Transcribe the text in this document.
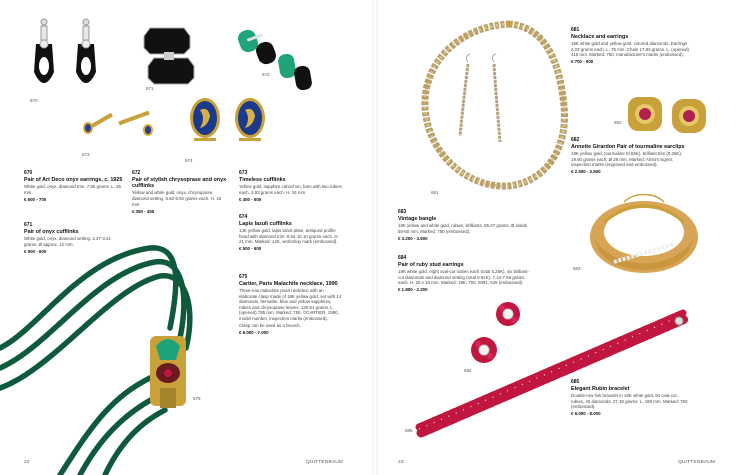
670
671
672
673
674
675
670
Pair of Art Deco onyx earrings, c. 1925
White gold, onyx, diamond trim. 7.56 grams. L. 36 mm.
€ 600 - 700
671
Pair of onyx cufflinks
White gold, onyx, diamond setting. 2.37-3.41 grams. Ø approx. 12 mm.
€ 500 - 600
672
Pair of stylish chrysoprase and onyx cufflinks
Yellow and white gold, onyx, chrysoprase, diamond setting. 5.62-6.92 grams each. H. 16 mm.
€ 350 - 450
673
Timeless cufflinks
Yellow gold, sapphire cabochon, bars with two rubies each. 3.93 grams each. H. 16 mm.
€ 400 - 500
674
Lapis lazuli cufflinks
14K yellow gold, lapis lazuli plate, antiqued profile head with diamond trim. 9.52-10.10 grams each. H. 21 mm. Marked: 14K, workshop mark (embossed).
€ 500 - 600
675
Cartier, Paris Malachite necklace, 1990
Three-row malachite pearl necklace with an elaborate clasp made of 18K yellow gold, set with 14 diamonds, hematite, blue and yellow sapphires, rubies and chrysoprase leaves. 130.51 grams. L. (opened) 785 mm. Marked: 750, ©CARTIER, 1990, model number, inspection marks (embossed).
Clasp can be used as a brooch.
€ 6.000 - 7.000
22	QUITTENBAUM
681
682
683
684
685
681
Necklace and earrings
18K white gold and yellow gold, colored diamonds. Earrings 2.03 grams each. L. 75 mm. Chain 17.83 grams. L. (opened) 415 mm. Marked: 750, manufacturer's marks (embossed).
€ 700 - 900
682
Annette Girardon Pair of tourmaline earclips
18K yellow gold, tourmaline (0.65K), brilliant trim (0.25K). 19.50 grams each. Ø 28 mm. Marked: Artist's signet, inspection marks (engraved and embossed).
€ 2.500 - 3.500
683
Vintage bangle
18K yellow and white gold, rubies, brilliants. 85.27 grams. Ø inside 50-60 mm. Marked: 750 (embossed).
€ 3.200 - 3.600
684
Pair of ruby stud earrings
18K white gold, eight oval-cut rubies each (total 5.25K), six brilliant-cut diamonds and diamond setting (total 0.91K). 7.14-7.56 grams each. H. 20 x 15 mm. Marked: 18K, 750, 0091, 525 (embossed).
€ 1.800 - 2.200
685
Elegant Rubin bracelet
Double-row link bracelet in 18K white gold, 94 oval-cut rubies, 40 diamonds. 27.40 grams. L. 190 mm. Marked: 750 (embossed).
€ 6.000 - 8.000
23	QUITTENBAUM
